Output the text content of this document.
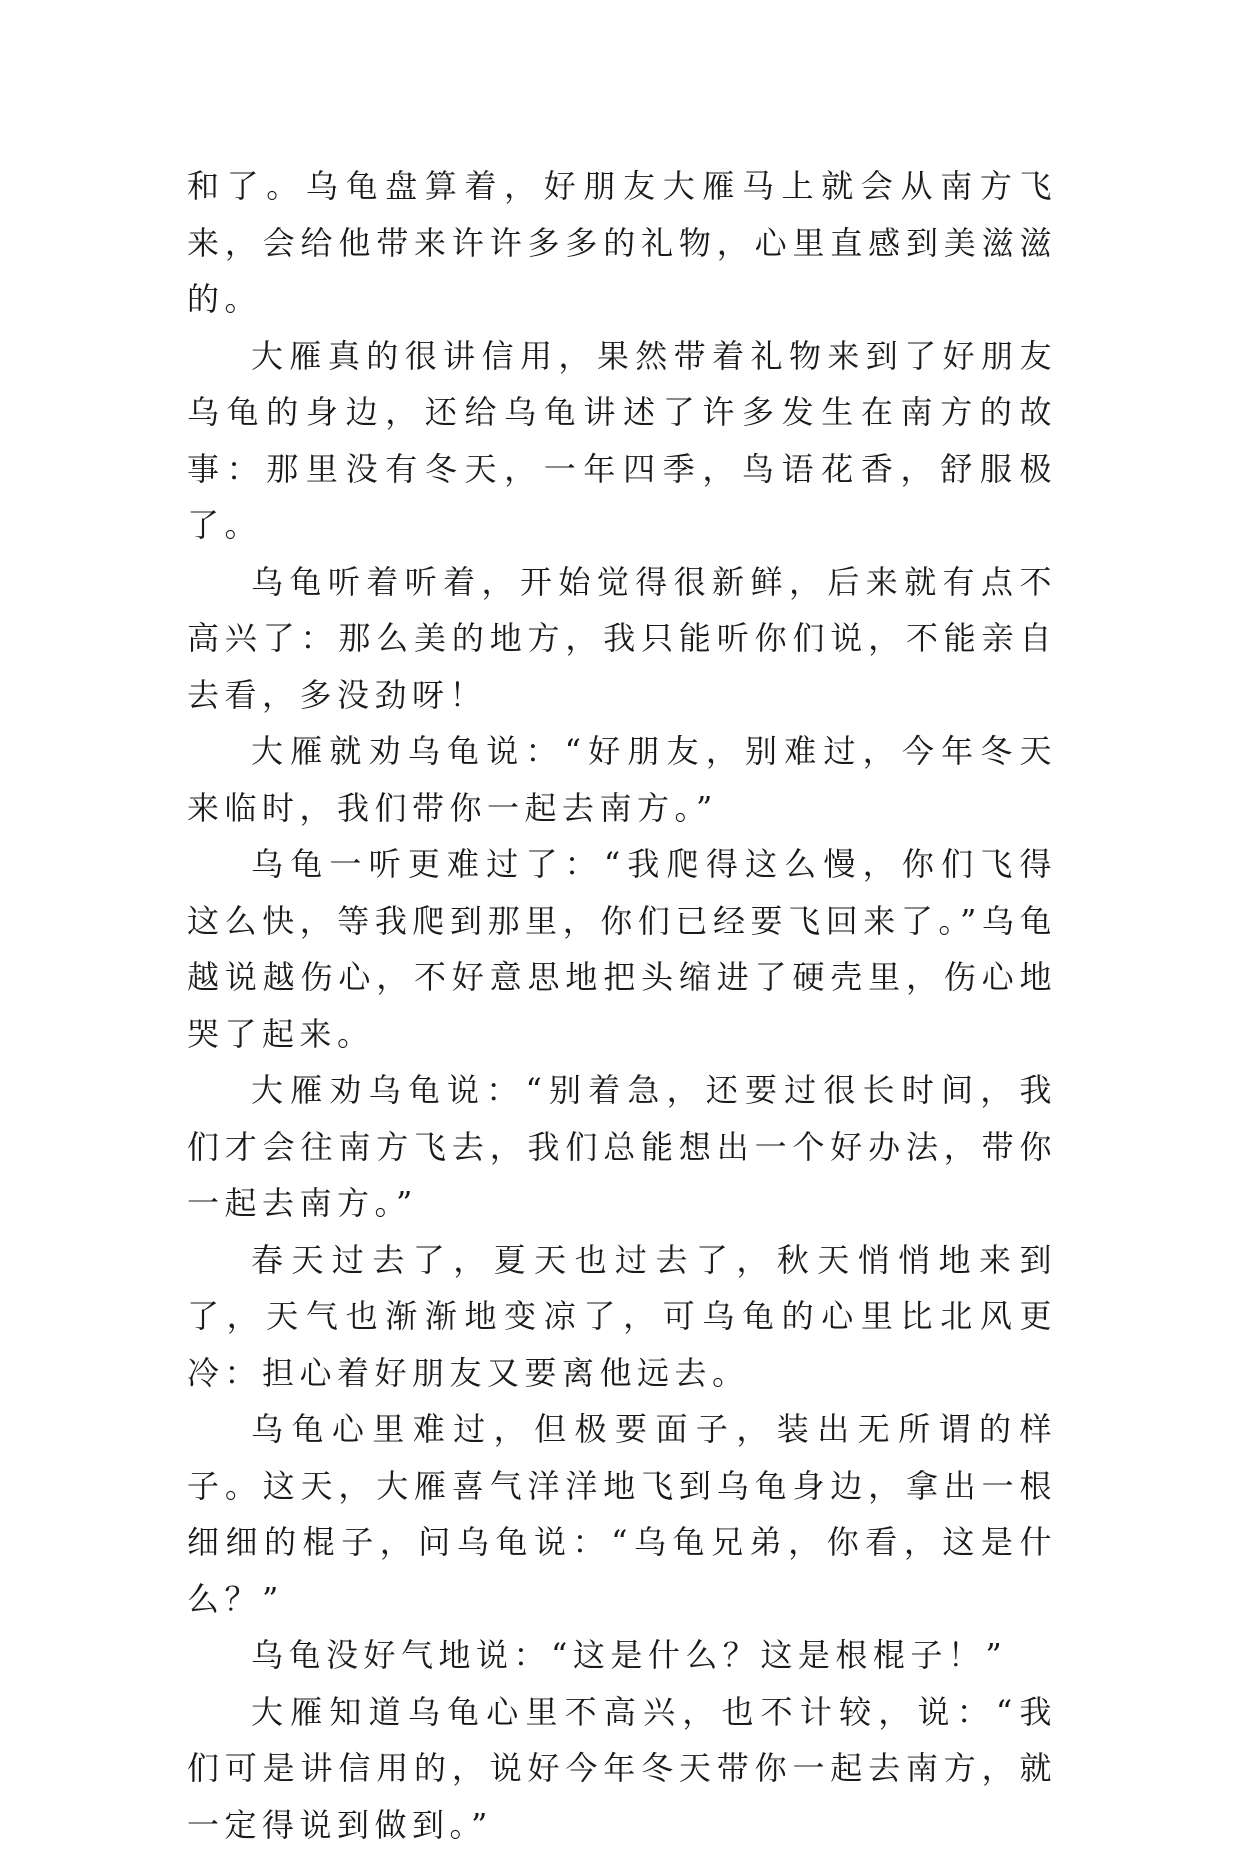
和了。乌龟盘算着，好朋友大雁马上就会从南方飞来，会给他带来许许多多的礼物，心里直感到美滋滋的。

大雁真的很讲信用，果然带着礼物来到了好朋友乌龟的身边，还给乌龟讲述了许多发生在南方的故事：那里没有冬天，一年四季，鸟语花香，舒服极了。

乌龟听着听着，开始觉得很新鲜，后来就有点不高兴了：那么美的地方，我只能听你们说，不能亲自去看，多没劲呀！

大雁就劝乌龟说：“好朋友，别难过，今年冬天来临时，我们带你一起去南方。”

乌龟一听更难过了：“我爬得这么慢，你们飞得这么快，等我爬到那里，你们已经要飞回来了。”乌龟越说越伤心，不好意思地把头缩进了硬壳里，伤心地哭了起来。

大雁劝乌龟说：“别着急，还要过很长时间，我们才会往南方飞去，我们总能想出一个好办法，带你一起去南方。”

春天过去了，夏天也过去了，秋天悄悄地来到了，天气也渐渐地变凉了，可乌龟的心里比北风更冷：担心着好朋友又要离他远去。

乌龟心里难过，但极要面子，装出无所谓的样子。这天，大雁喜气洋洋地飞到乌龟身边，拿出一根细细的棍子，问乌龟说：“乌龟兄弟，你看，这是什么？”

乌龟没好气地说：“这是什么？这是根棍子！”

大雁知道乌龟心里不高兴，也不计较，说：“我们可是讲信用的，说好今年冬天带你一起去南方，就一定得说到做到。”
